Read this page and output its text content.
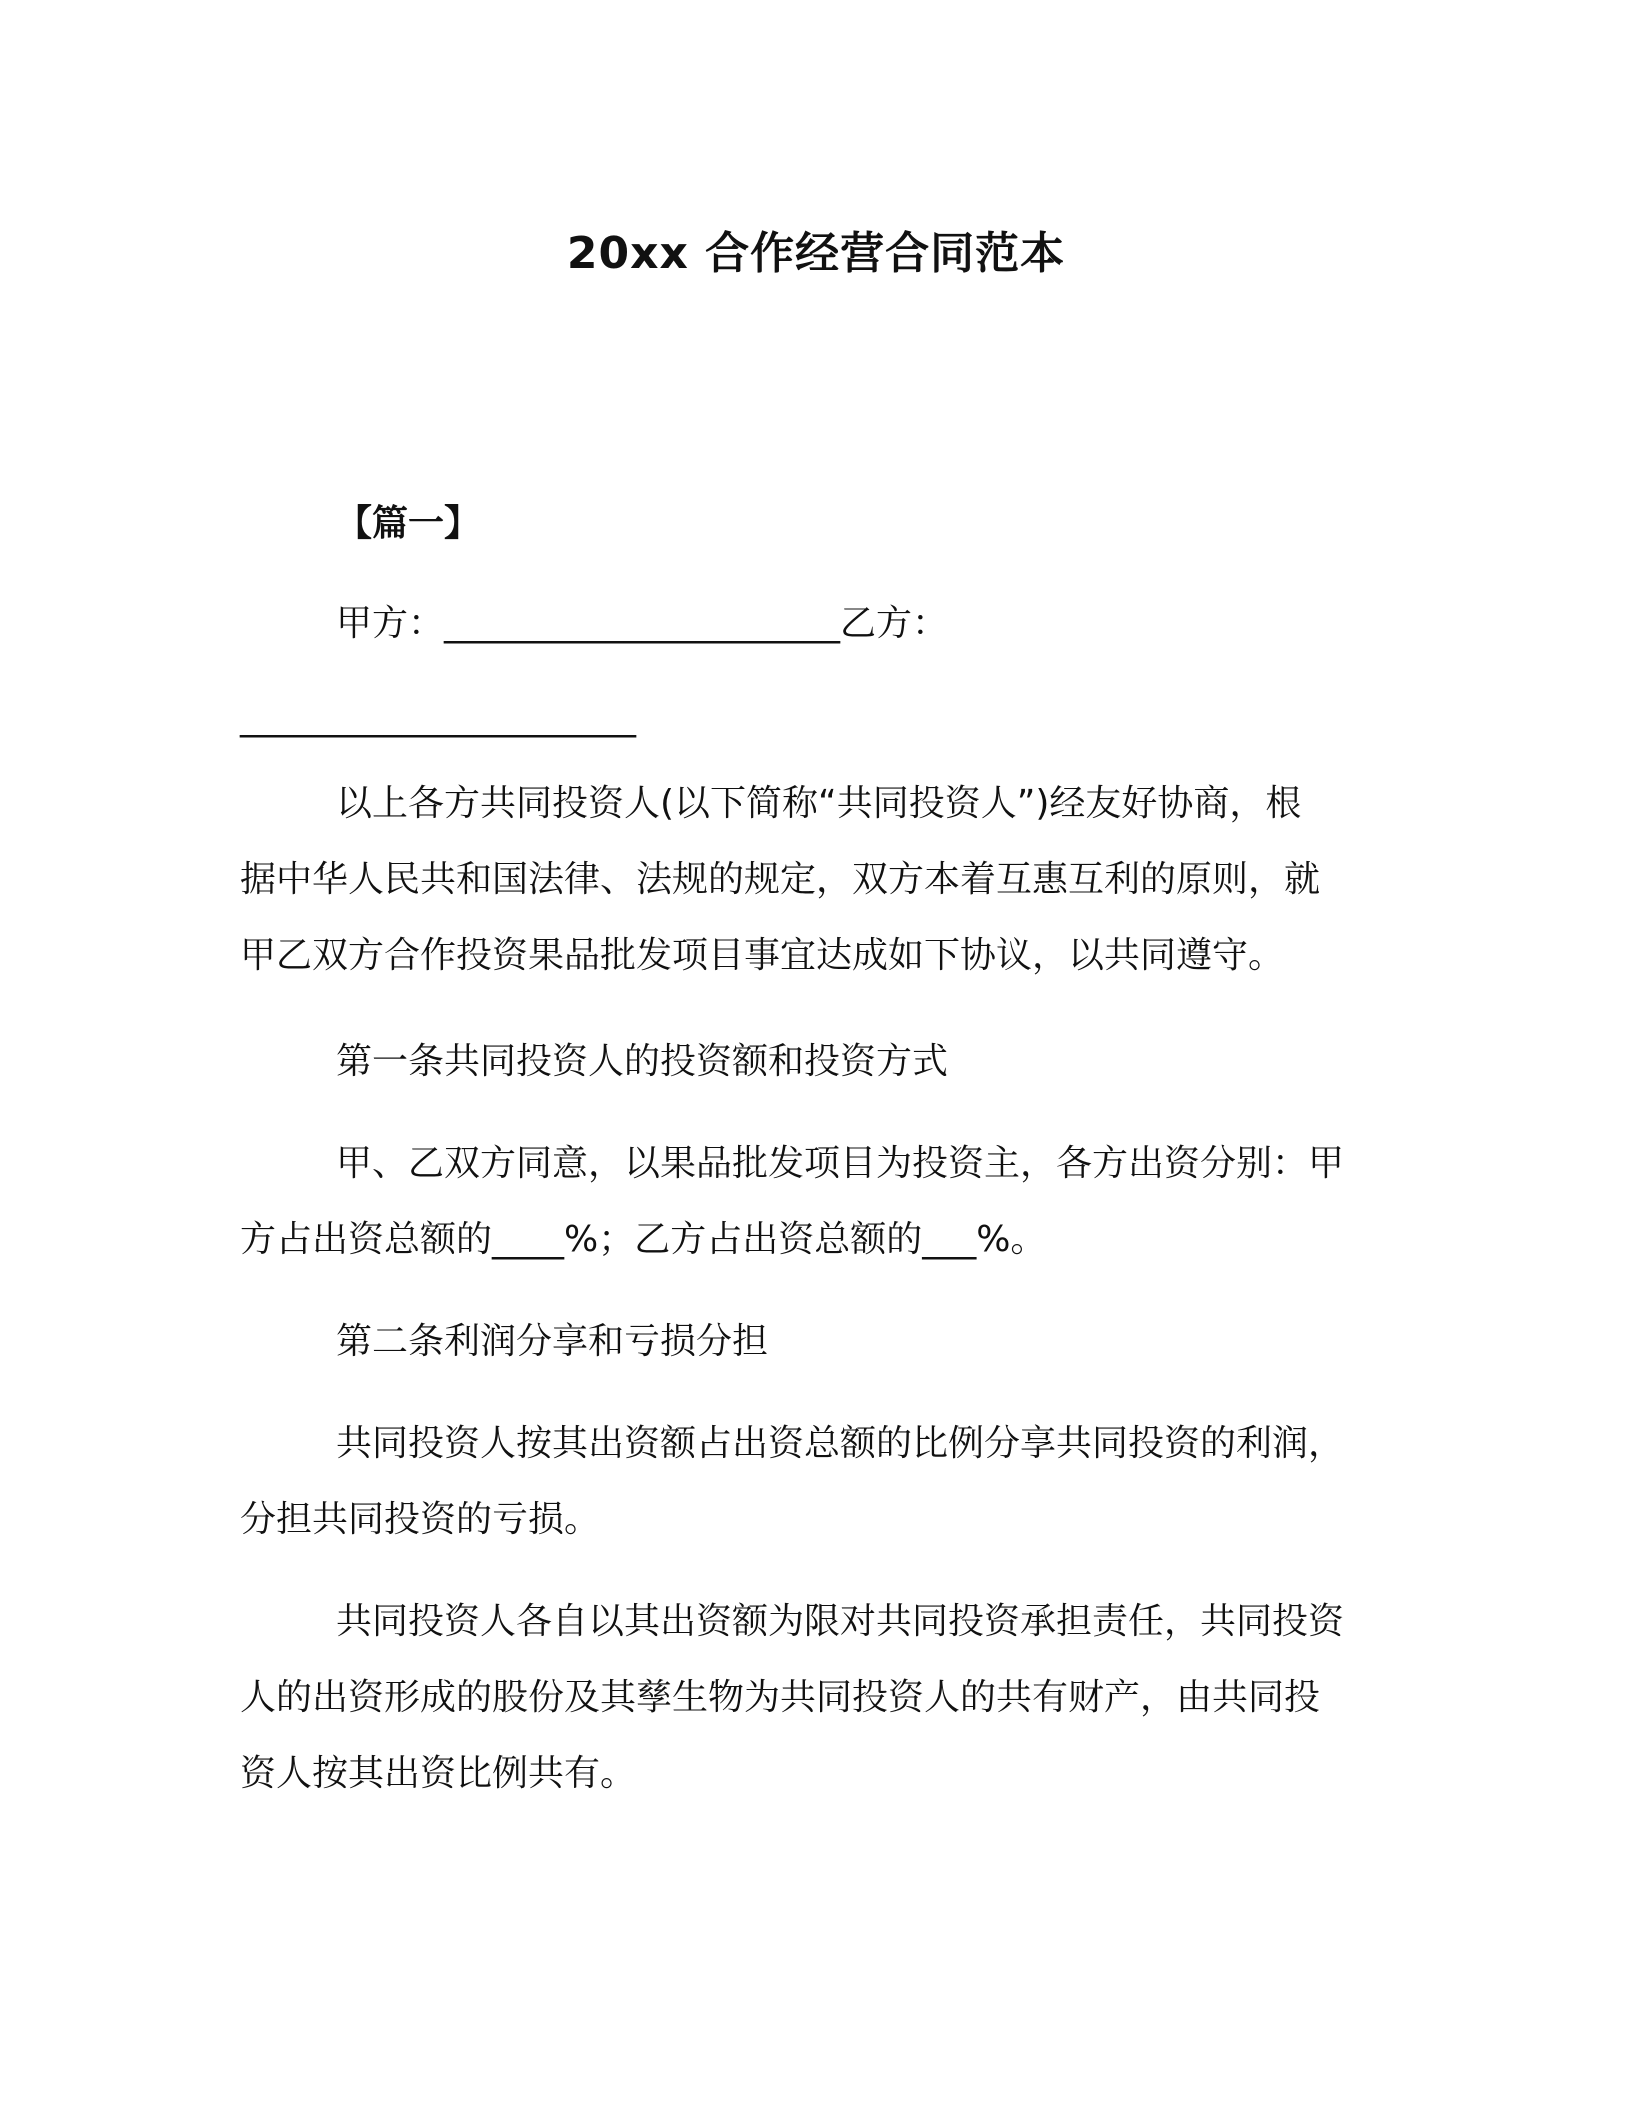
20xx 合作经营合同范本
【篇一】
甲方：______________________乙方：
______________________
以上各方共同投资人(以下简称“共同投资人”)经友好协商，根
据中华人民共和国法律、法规的规定，双方本着互惠互利的原则，就
甲乙双方合作投资果品批发项目事宜达成如下协议，以共同遵守。
第一条共同投资人的投资额和投资方式
甲、乙双方同意，以果品批发项目为投资主，各方出资分别：甲
方占出资总额的____%；乙方占出资总额的___%。
第二条利润分享和亏损分担
共同投资人按其出资额占出资总额的比例分享共同投资的利润，
分担共同投资的亏损。
共同投资人各自以其出资额为限对共同投资承担责任，共同投资
人的出资形成的股份及其孳生物为共同投资人的共有财产，由共同投
资人按其出资比例共有。
